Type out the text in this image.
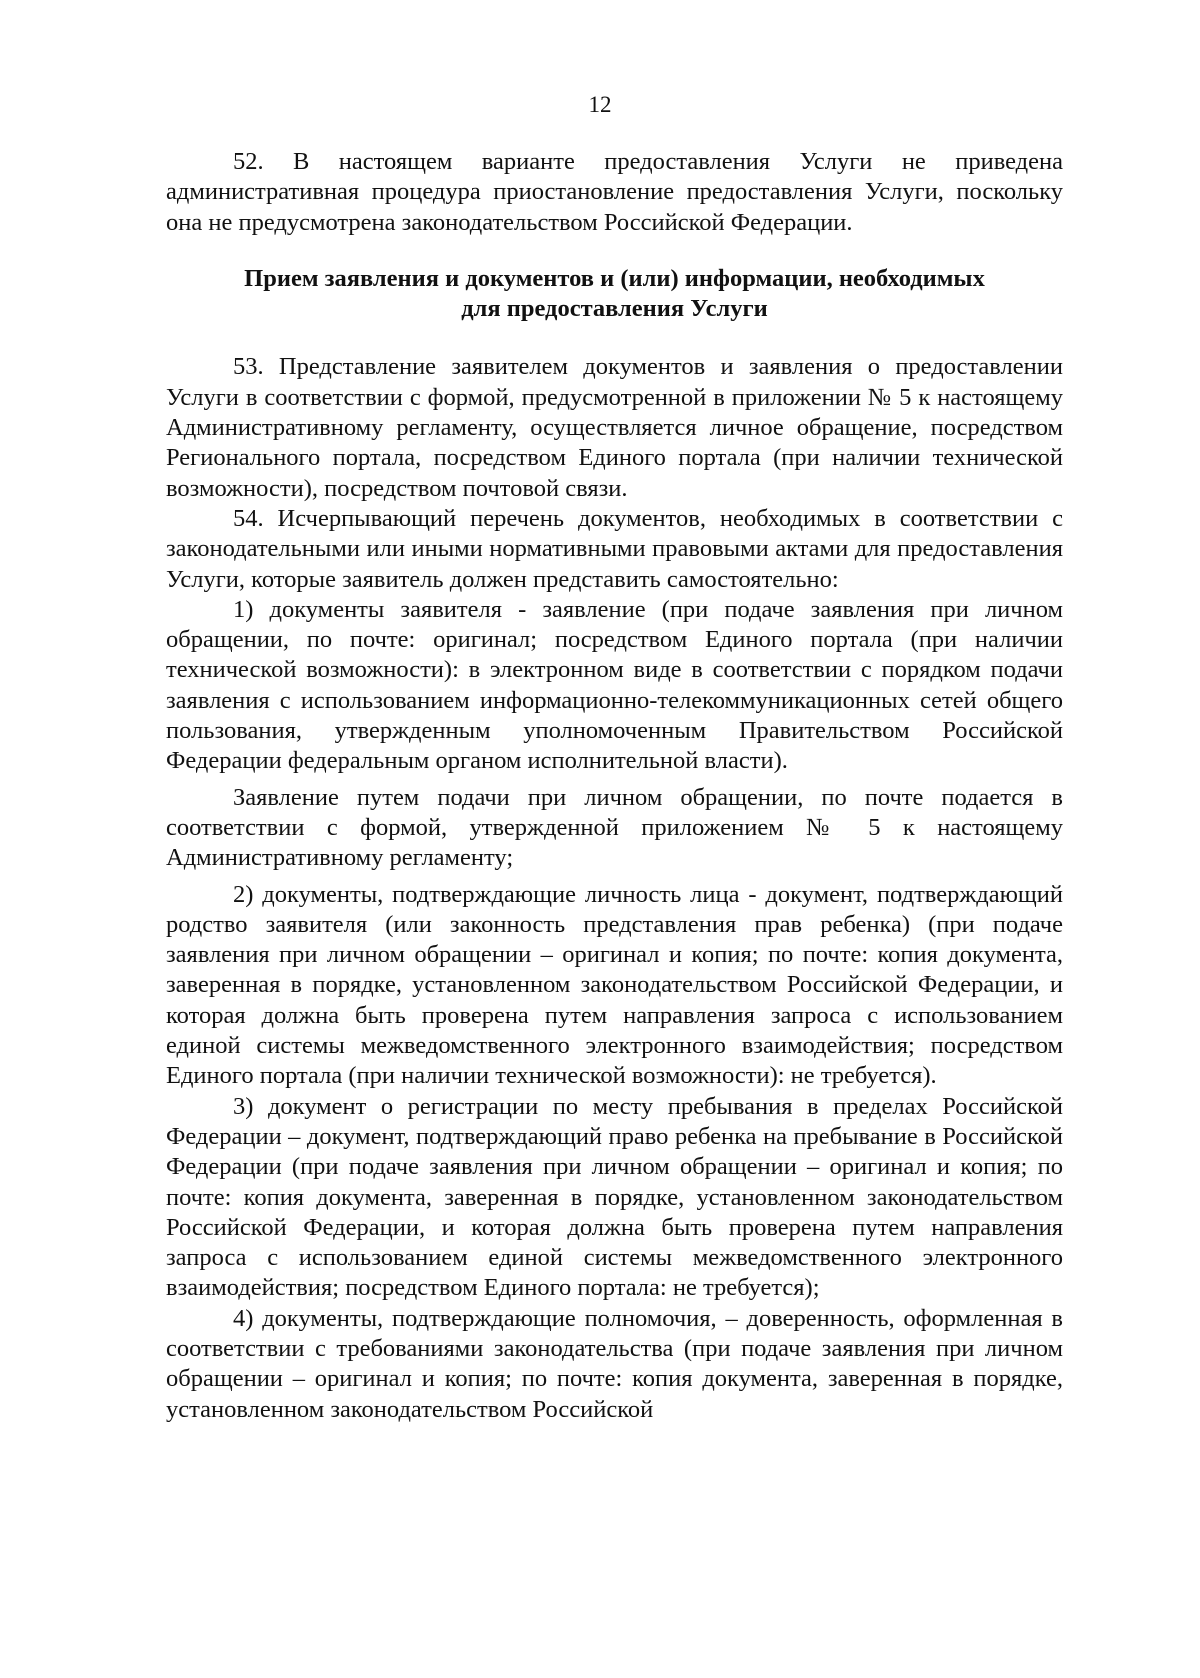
12

52. В настоящем варианте предоставления Услуги не приведена административная процедура приостановление предоставления Услуги, поскольку она не предусмотрена законодательством Российской Федерации.

Прием заявления и документов и (или) информации, необходимых
для предоставления Услуги

53. Представление заявителем документов и заявления о предоставлении Услуги в соответствии с формой, предусмотренной в приложении № 5 к настоящему Административному регламенту, осуществляется личное обращение, посредством Регионального портала, посредством Единого портала (при наличии технической возможности), посредством почтовой связи.

54. Исчерпывающий перечень документов, необходимых в соответствии с законодательными или иными нормативными правовыми актами для предоставления Услуги, которые заявитель должен представить самостоятельно:

1) документы заявителя - заявление (при подаче заявления при личном обращении, по почте: оригинал; посредством Единого портала (при наличии технической возможности): в электронном виде в соответствии с порядком подачи заявления с использованием информационно-телекоммуникационных сетей общего пользования, утвержденным уполномоченным Правительством Российской Федерации федеральным органом исполнительной власти).

Заявление путем подачи при личном обращении, по почте подается в соответствии с формой, утвержденной приложением № 5 к настоящему Административному регламенту;

2) документы, подтверждающие личность лица - документ, подтверждающий родство заявителя (или законность представления прав ребенка) (при подаче заявления при личном обращении – оригинал и копия; по почте: копия документа, заверенная в порядке, установленном законодательством Российской Федерации, и которая должна быть проверена путем направления запроса с использованием единой системы межведомственного электронного взаимодействия; посредством Единого портала (при наличии технической возможности): не требуется).

3) документ о регистрации по месту пребывания в пределах Российской Федерации – документ, подтверждающий право ребенка на пребывание в Российской Федерации (при подаче заявления при личном обращении – оригинал и копия; по почте: копия документа, заверенная в порядке, установленном законодательством Российской Федерации, и которая должна быть проверена путем направления запроса с использованием единой системы межведомственного электронного взаимодействия; посредством Единого портала: не требуется);

4) документы, подтверждающие полномочия, – доверенность, оформленная в соответствии с требованиями законодательства (при подаче заявления при личном обращении – оригинал и копия; по почте: копия документа, заверенная в порядке, установленном законодательством Российской
